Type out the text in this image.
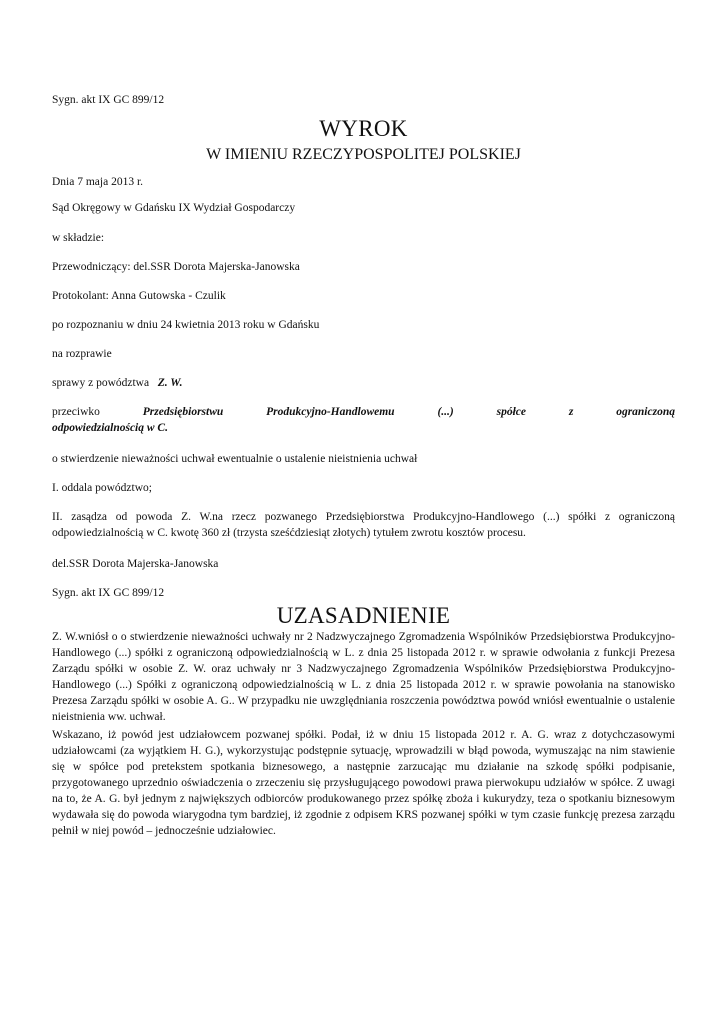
Sygn. akt IX GC 899/12

WYROK

W IMIENIU RZECZYPOSPOLITEJ POLSKIEJ

Dnia 7 maja 2013 r.

Sąd Okręgowy w Gdańsku IX Wydział Gospodarczy

w składzie:

Przewodniczący: del.SSR Dorota Majerska-Janowska

Protokolant: Anna Gutowska - Czulik

po rozpoznaniu w dniu 24 kwietnia 2013 roku w Gdańsku

na rozprawie

sprawy z powództwa Z. W.

przeciwko	Przedsiębiorstwu	Produkcyjno-Handlowemu	(...)	spółce	z	ograniczoną
odpowiedzialnością w C.

o stwierdzenie nieważności uchwał ewentualnie o ustalenie nieistnienia uchwał

I. oddala powództwo;

II. zasądza od powoda Z. W.na rzecz pozwanego Przedsiębiorstwa Produkcyjno-Handlowego (...) spółki z ograniczoną odpowiedzialnością w C. kwotę 360 zł (trzysta sześćdziesiąt złotych) tytułem zwrotu kosztów procesu.

del.SSR Dorota Majerska-Janowska

Sygn. akt IX GC 899/12

UZASADNIENIE

Z. W.wniósł o o stwierdzenie nieważności uchwały nr 2 Nadzwyczajnego Zgromadzenia Wspólników Przedsiębiorstwa Produkcyjno-Handlowego (...) spółki z ograniczoną odpowiedzialnością w L. z dnia 25 listopada 2012 r. w sprawie odwołania z funkcji Prezesa Zarządu spółki w osobie Z. W. oraz uchwały nr 3 Nadzwyczajnego Zgromadzenia Wspólników Przedsiębiorstwa Produkcyjno-Handlowego (...) Spółki z ograniczoną odpowiedzialnością w L. z dnia 25 listopada 2012 r. w sprawie powołania na stanowisko Prezesa Zarządu spółki w osobie A. G.. W przypadku nie uwzględniania roszczenia powództwa powód wniósł ewentualnie o ustalenie nieistnienia ww. uchwał.

Wskazano, iż powód jest udziałowcem pozwanej spółki. Podał, iż w dniu 15 listopada 2012 r. A. G. wraz z dotychczasowymi udziałowcami (za wyjątkiem H. G.), wykorzystując podstępnie sytuację, wprowadzili w błąd powoda, wymuszając na nim stawienie się w spółce pod pretekstem spotkania biznesowego, a następnie zarzucając mu działanie na szkodę spółki podpisanie, przygotowanego uprzednio oświadczenia o zrzeczeniu się przysługującego powodowi prawa pierwokupu udziałów w spółce. Z uwagi na to, że A. G. był jednym z największych odbiorców produkowanego przez spółkę zboża i kukurydzy, teza o spotkaniu biznesowym wydawała się do powoda wiarygodna tym bardziej, iż zgodnie z odpisem KRS pozwanej spółki w tym czasie funkcję prezesa zarządu pełnił w niej powód – jednocześnie udziałowiec.
